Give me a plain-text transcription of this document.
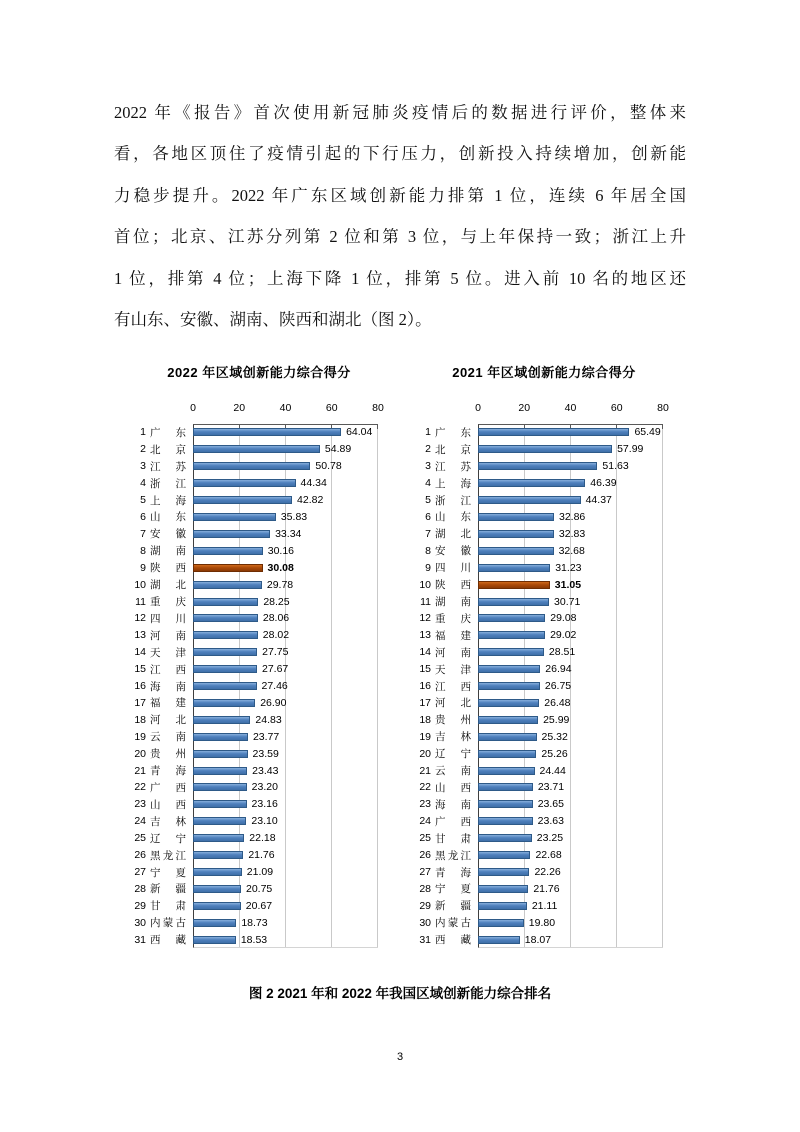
2022 年《报告》首次使用新冠肺炎疫情后的数据进行评价，整体来
看，各地区顶住了疫情引起的下行压力，创新投入持续增加，创新能
力稳步提升。2022 年广东区域创新能力排第 1 位，连续 6 年居全国
首位；北京、江苏分列第 2 位和第 3 位，与上年保持一致；浙江上升
1 位，排第 4 位；上海下降 1 位，排第 5 位。进入前 10 名的地区还
有山东、安徽、湖南、陕西和湖北（图 2）。
2022 年区域创新能力综合得分
0	20	40	60	80
1 广 东	64.04
2 北 京	54.89
3 江 苏	50.78
4 浙 江	44.34
5 上 海	42.82
6 山 东	35.83
7 安 徽	33.34
8 湖 南	30.16
9 陕 西	30.08
10 湖 北	29.78
11 重 庆	28.25
12 四 川	28.06
13 河 南	28.02
14 天 津	27.75
15 江 西	27.67
16 海 南	27.46
17 福 建	26.90
18 河 北	24.83
19 云 南	23.77
20 贵 州	23.59
21 青 海	23.43
22 广 西	23.20
23 山 西	23.16
24 吉 林	23.10
25 辽 宁	22.18
26 黑 龙 江	21.76
27 宁 夏	21.09
28 新 疆	20.75
29 甘 肃	20.67
30 内 蒙 古	18.73
31 西 藏	18.53
2021 年区域创新能力综合得分
0	20	40	60	80
1 广 东	65.49
2 北 京	57.99
3 江 苏	51.63
4 上 海	46.39
5 浙 江	44.37
6 山 东	32.86
7 湖 北	32.83
8 安 徽	32.68
9 四 川	31.23
10 陕 西	31.05
11 湖 南	30.71
12 重 庆	29.08
13 福 建	29.02
14 河 南	28.51
15 天 津	26.94
16 江 西	26.75
17 河 北	26.48
18 贵 州	25.99
19 吉 林	25.32
20 辽 宁	25.26
21 云 南	24.44
22 山 西	23.71
23 海 南	23.65
24 广 西	23.63
25 甘 肃	23.25
26 黑 龙 江	22.68
27 青 海	22.26
28 宁 夏	21.76
29 新 疆	21.11
30 内 蒙 古	19.80
31 西 藏	18.07
图 2 2021 年和 2022 年我国区域创新能力综合排名
3
